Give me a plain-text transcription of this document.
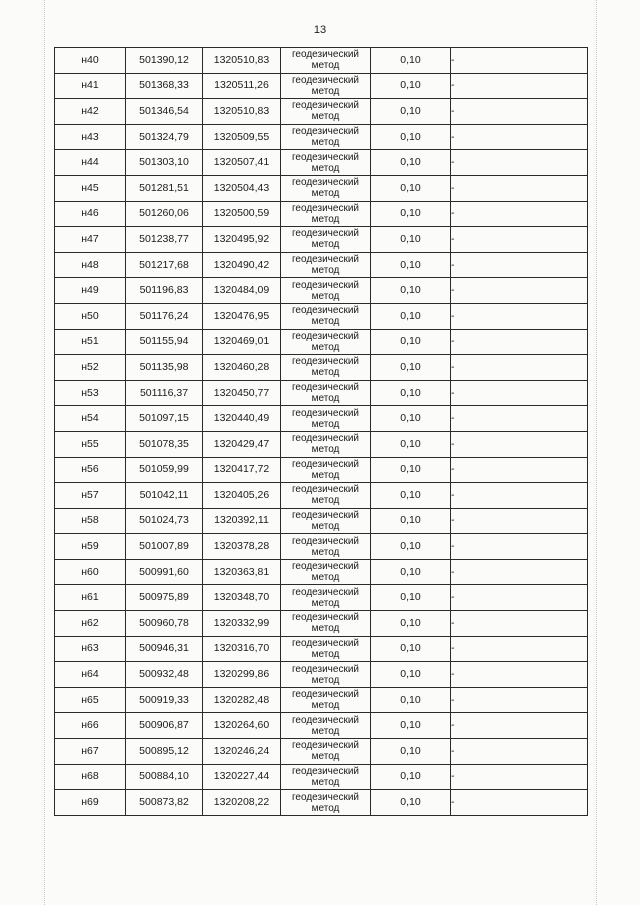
13
н40	501390,12	1320510,83	геодезический метод	0,10	-
н41	501368,33	1320511,26	геодезический метод	0,10	-
н42	501346,54	1320510,83	геодезический метод	0,10	-
н43	501324,79	1320509,55	геодезический метод	0,10	-
н44	501303,10	1320507,41	геодезический метод	0,10	-
н45	501281,51	1320504,43	геодезический метод	0,10	-
н46	501260,06	1320500,59	геодезический метод	0,10	-
н47	501238,77	1320495,92	геодезический метод	0,10	-
н48	501217,68	1320490,42	геодезический метод	0,10	-
н49	501196,83	1320484,09	геодезический метод	0,10	-
н50	501176,24	1320476,95	геодезический метод	0,10	-
н51	501155,94	1320469,01	геодезический метод	0,10	-
н52	501135,98	1320460,28	геодезический метод	0,10	-
н53	501116,37	1320450,77	геодезический метод	0,10	-
н54	501097,15	1320440,49	геодезический метод	0,10	-
н55	501078,35	1320429,47	геодезический метод	0,10	-
н56	501059,99	1320417,72	геодезический метод	0,10	-
н57	501042,11	1320405,26	геодезический метод	0,10	-
н58	501024,73	1320392,11	геодезический метод	0,10	-
н59	501007,89	1320378,28	геодезический метод	0,10	-
н60	500991,60	1320363,81	геодезический метод	0,10	-
н61	500975,89	1320348,70	геодезический метод	0,10	-
н62	500960,78	1320332,99	геодезический метод	0,10	-
н63	500946,31	1320316,70	геодезический метод	0,10	-
н64	500932,48	1320299,86	геодезический метод	0,10	-
н65	500919,33	1320282,48	геодезический метод	0,10	-
н66	500906,87	1320264,60	геодезический метод	0,10	-
н67	500895,12	1320246,24	геодезический метод	0,10	-
н68	500884,10	1320227,44	геодезический метод	0,10	-
н69	500873,82	1320208,22	геодезический метод	0,10	-
